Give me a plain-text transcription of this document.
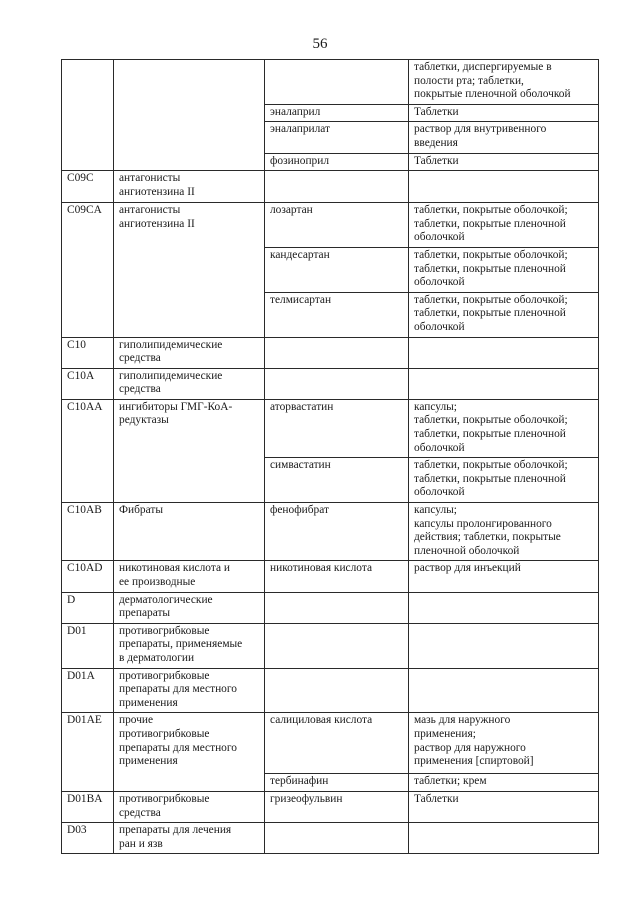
56

			таблетки, диспергируемые в
полости рта; таблетки,
покрытые пленочной оболочкой

		эналаприл	Таблетки

		эналаприлат	раствор для внутривенного
введения

		фозиноприл	Таблетки

C09C	антагонисты
ангиотензина II		

C09CA	антагонисты
ангиотензина II	лозартан	таблетки, покрытые оболочкой;
таблетки, покрытые пленочной
оболочкой

		кандесартан	таблетки, покрытые оболочкой;
таблетки, покрытые пленочной
оболочкой

		телмисартан	таблетки, покрытые оболочкой;
таблетки, покрытые пленочной
оболочкой

C10	гиполипидемические
средства		

C10A	гиполипидемические
средства		

C10AA	ингибиторы ГМГ-КоА-
редуктазы	аторвастатин	капсулы;
таблетки, покрытые оболочкой;
таблетки, покрытые пленочной
оболочкой

		симвастатин	таблетки, покрытые оболочкой;
таблетки, покрытые пленочной
оболочкой

C10AB	Фибраты	фенофибрат	капсулы;
капсулы пролонгированного
действия; таблетки, покрытые
пленочной оболочкой

C10AD	никотиновая кислота и
ее производные	никотиновая кислота	раствор для инъекций

D	дерматологические
препараты		

D01	противогрибковые
препараты, применяемые
в дерматологии		

D01A	противогрибковые
препараты для местного
применения		

D01AE	прочие
противогрибковые
препараты для местного
применения	салициловая кислота	мазь для наружного
применения;
раствор для наружного
применения [спиртовой]

		тербинафин	таблетки; крем

D01BA	противогрибковые
средства	гризеофульвин	Таблетки

D03	препараты для лечения
ран и язв		
